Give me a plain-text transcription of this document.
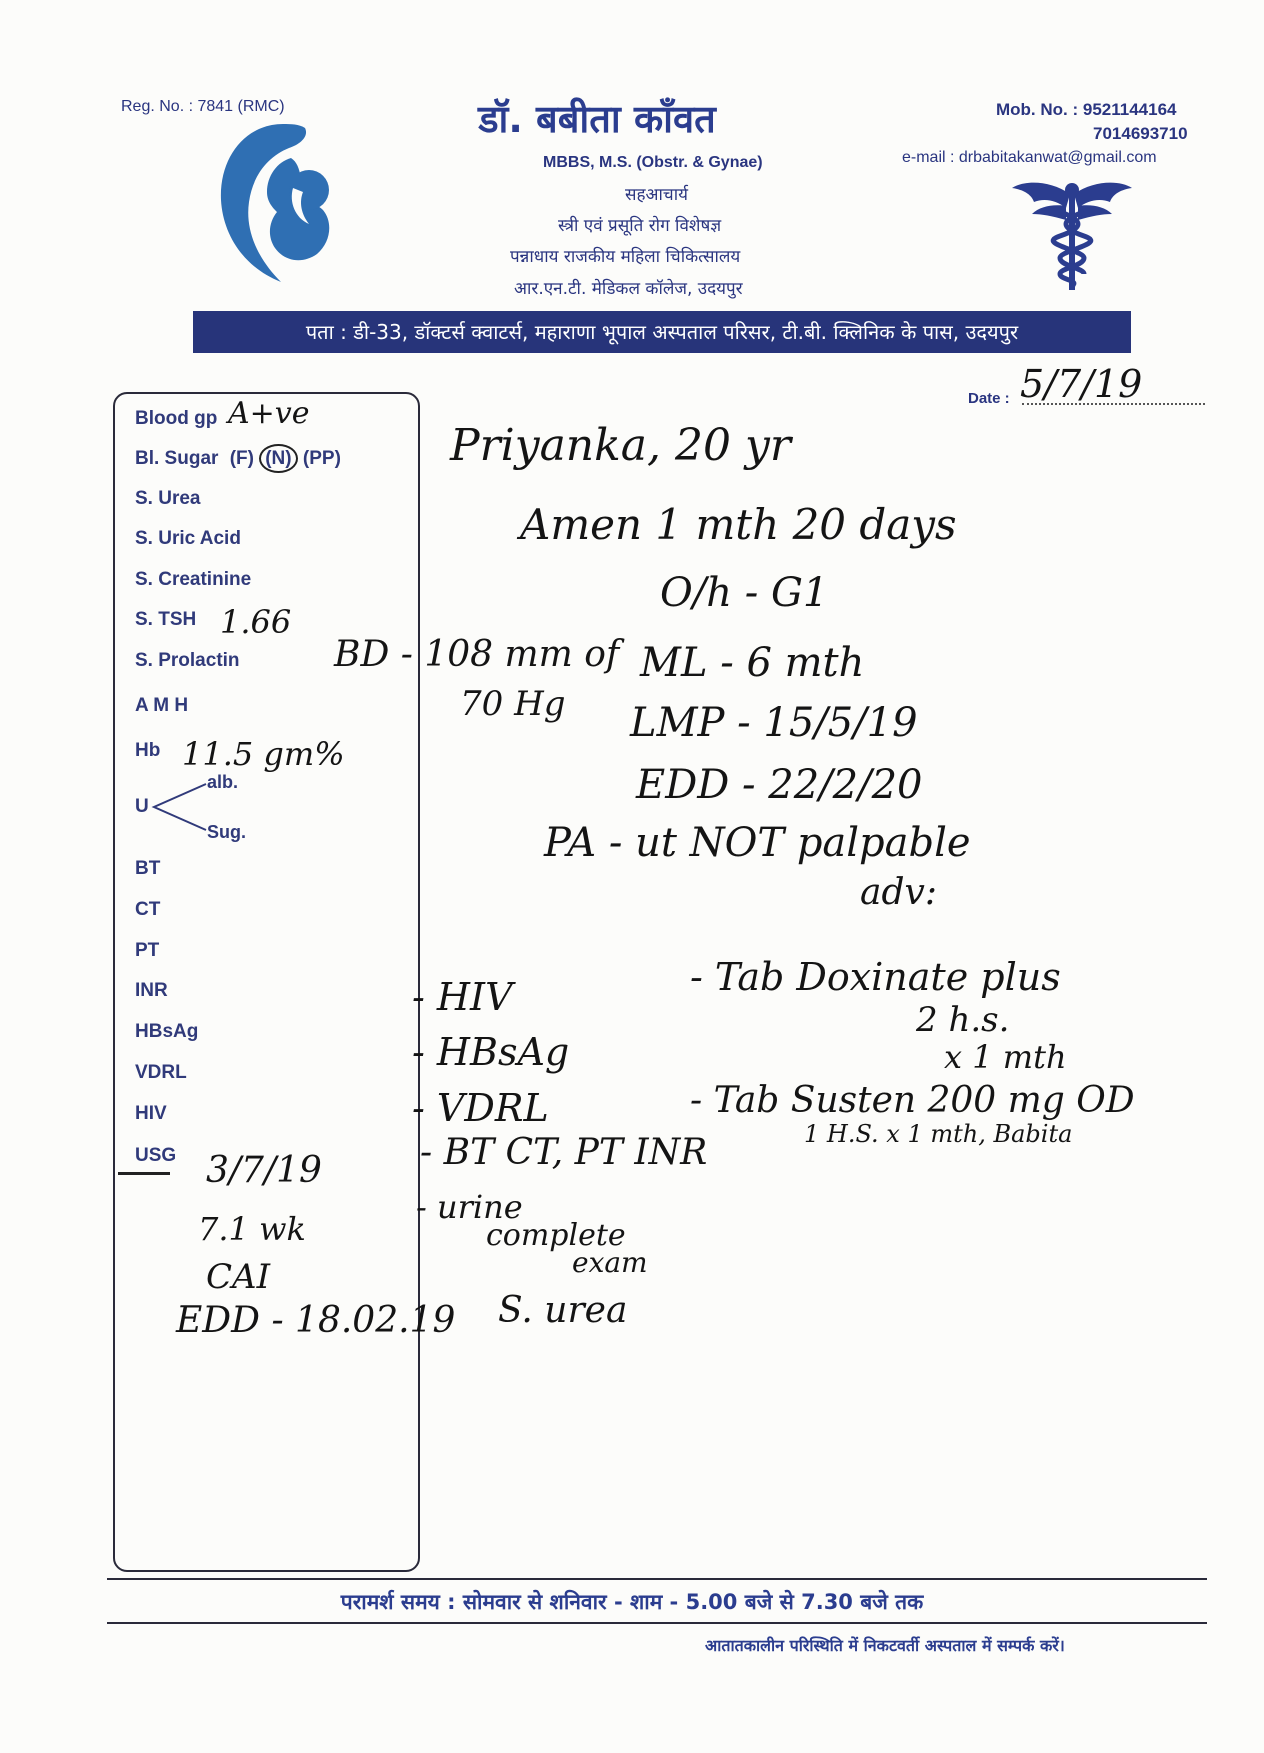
Reg. No. : 7841 (RMC)	डॉ. बबीता कॉंवत
MBBS, M.S. (Obstr. & Gynae)
सहआचार्य
स्त्री एवं प्रसूति रोग विशेषज्ञ
पन्नाधाय राजकीय महिला चिकित्सालय
आर.एन.टी. मेडिकल कॉलेज, उदयपुर
Mob. No. : 9521144164
7014693710
e-mail : drbabitakanwat@gmail.com
पता : डी-33, डॉक्टर्स क्वाटर्स, महाराणा भूपाल अस्पताल परिसर, टी.बी. क्लिनिक के पास, उदयपुर
Date : 5/7/19
Blood gp
Bl. Sugar (F) (N) (PP)
S. Urea
S. Uric Acid
S. Creatinine
S. TSH
S. Prolactin
A M H
Hb
U
alb.
Sug.
BT
CT
PT
INR
HBsAg
VDRL
HIV
USG
A+ve
1.66
11.5 gm%
3/7/19
7.1 wk
CAI
EDD - 18.02.19
Priyanka, 20 yr
Amen 1 mth 20 days
O/h - G1
BD - 108 mm of
70 Hg
ML - 6 mth
LMP - 15/5/19
EDD - 22/2/20
PA - ut NOT palpable
adv:
- HIV
- HBsAg
- VDRL
- BT CT, PT INR
- urine
complete
exam
S. urea
- Tab Doxinate plus
2 h.s.
x 1 mth
- Tab Susten 200 mg OD
1 H.S. x 1 mth, Babita
परामर्श समय : सोमवार से शनिवार - शाम - 5.00 बजे से 7.30 बजे तक
आतातकालीन परिस्थिति में निकटवर्ती अस्पताल में सम्पर्क करें।
